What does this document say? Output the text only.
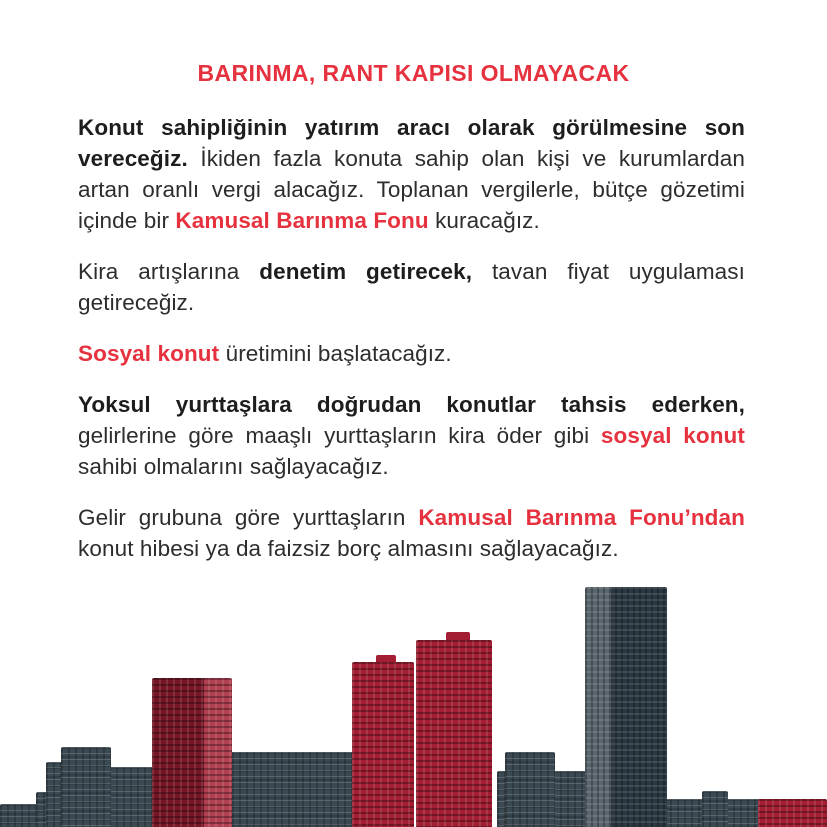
BARINMA, RANT KAPISI OLMAYACAK

Konut sahipliğinin yatırım aracı olarak görülmesine son vereceğiz. İkiden fazla konuta sahip olan kişi ve kurumlardan artan oranlı vergi alacağız. Toplanan vergilerle, bütçe gözetimi içinde bir Kamusal Barınma Fonu kuracağız.

Kira artışlarına denetim getirecek, tavan fiyat uygulaması getireceğiz.

Sosyal konut üretimini başlatacağız.

Yoksul yurttaşlara doğrudan konutlar tahsis ederken, gelirlerine göre maaşlı yurttaşların kira öder gibi sosyal konut sahibi olmalarını sağlayacağız.

Gelir grubuna göre yurttaşların Kamusal Barınma Fonu’ndan konut hibesi ya da faizsiz borç almasını sağlayacağız.
